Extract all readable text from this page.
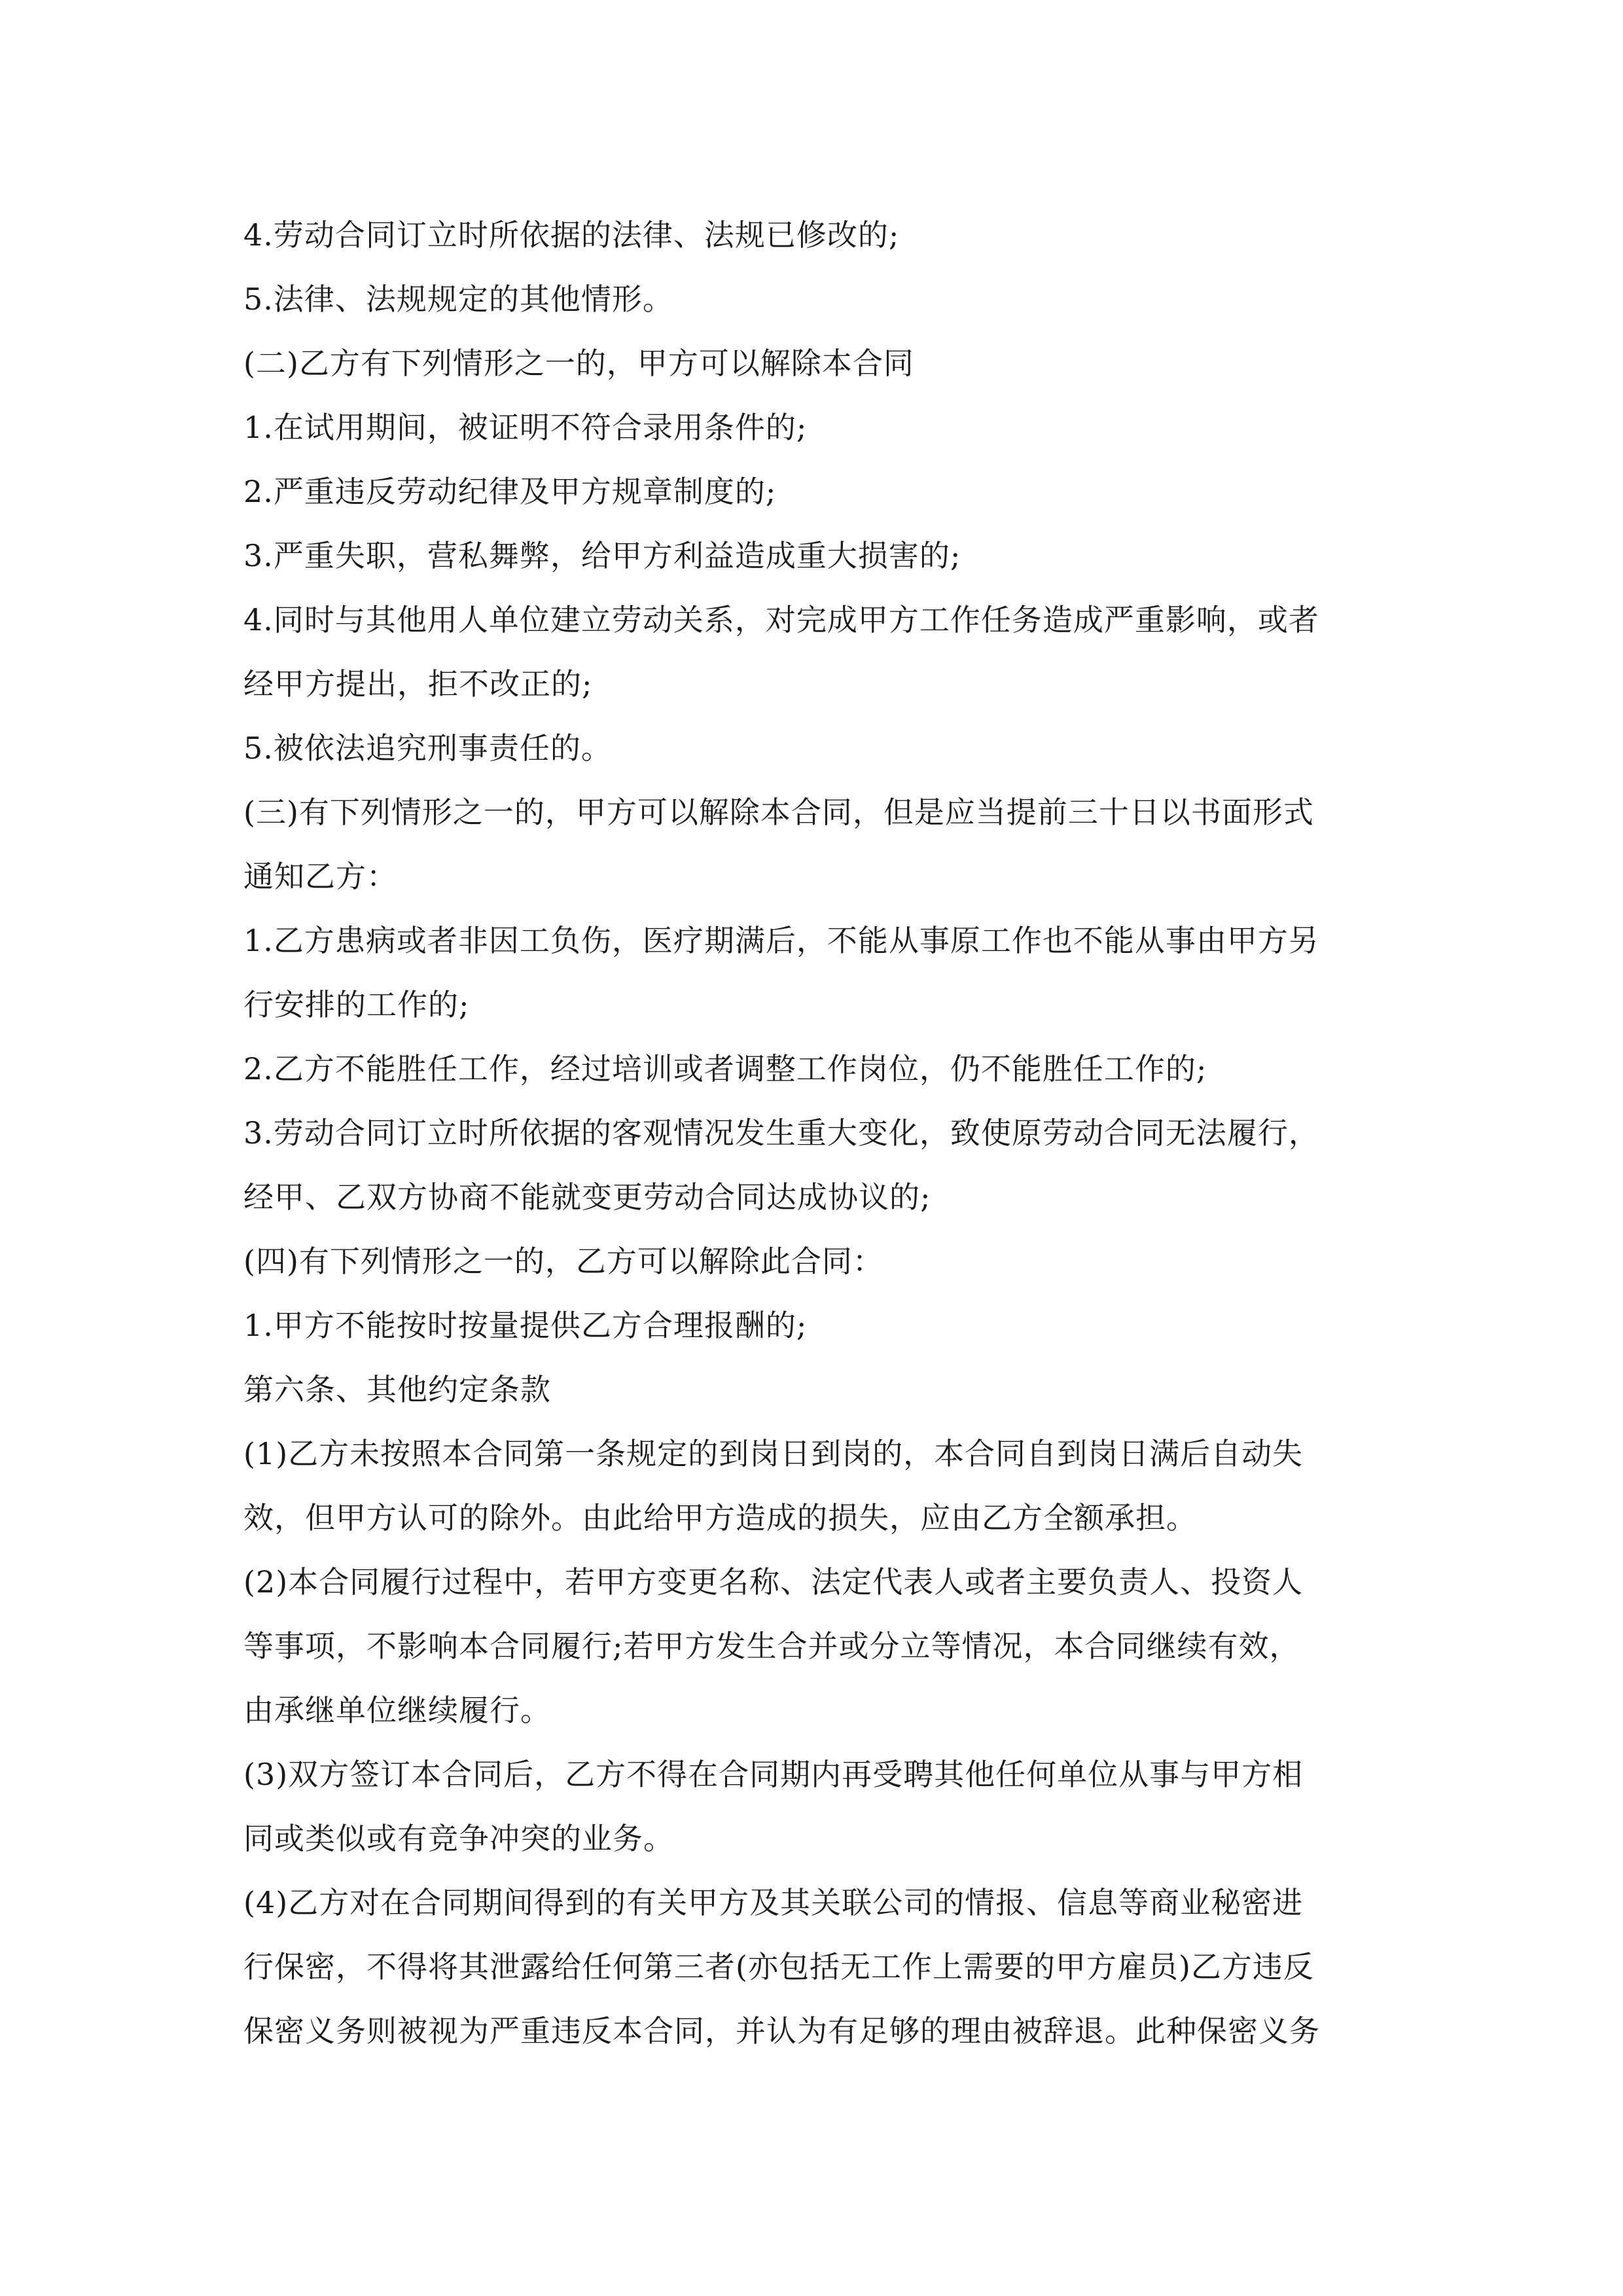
4.劳动合同订立时所依据的法律、法规已修改的;
5.法律、法规规定的其他情形。
(二)乙方有下列情形之一的，甲方可以解除本合同
1.在试用期间，被证明不符合录用条件的;
2.严重违反劳动纪律及甲方规章制度的;
3.严重失职，营私舞弊，给甲方利益造成重大损害的;
4.同时与其他用人单位建立劳动关系，对完成甲方工作任务造成严重影响，或者
经甲方提出，拒不改正的;
5.被依法追究刑事责任的。
(三)有下列情形之一的，甲方可以解除本合同，但是应当提前三十日以书面形式
通知乙方：
1.乙方患病或者非因工负伤，医疗期满后，不能从事原工作也不能从事由甲方另
行安排的工作的;
2.乙方不能胜任工作，经过培训或者调整工作岗位，仍不能胜任工作的;
3.劳动合同订立时所依据的客观情况发生重大变化，致使原劳动合同无法履行，
经甲、乙双方协商不能就变更劳动合同达成协议的;
(四)有下列情形之一的，乙方可以解除此合同：
1.甲方不能按时按量提供乙方合理报酬的;
第六条、其他约定条款
(1)乙方未按照本合同第一条规定的到岗日到岗的，本合同自到岗日满后自动失
效，但甲方认可的除外。由此给甲方造成的损失，应由乙方全额承担。
(2)本合同履行过程中，若甲方变更名称、法定代表人或者主要负责人、投资人
等事项，不影响本合同履行;若甲方发生合并或分立等情况，本合同继续有效，
由承继单位继续履行。
(3)双方签订本合同后，乙方不得在合同期内再受聘其他任何单位从事与甲方相
同或类似或有竞争冲突的业务。
(4)乙方对在合同期间得到的有关甲方及其关联公司的情报、信息等商业秘密进
行保密，不得将其泄露给任何第三者(亦包括无工作上需要的甲方雇员)乙方违反
保密义务则被视为严重违反本合同，并认为有足够的理由被辞退。此种保密义务
